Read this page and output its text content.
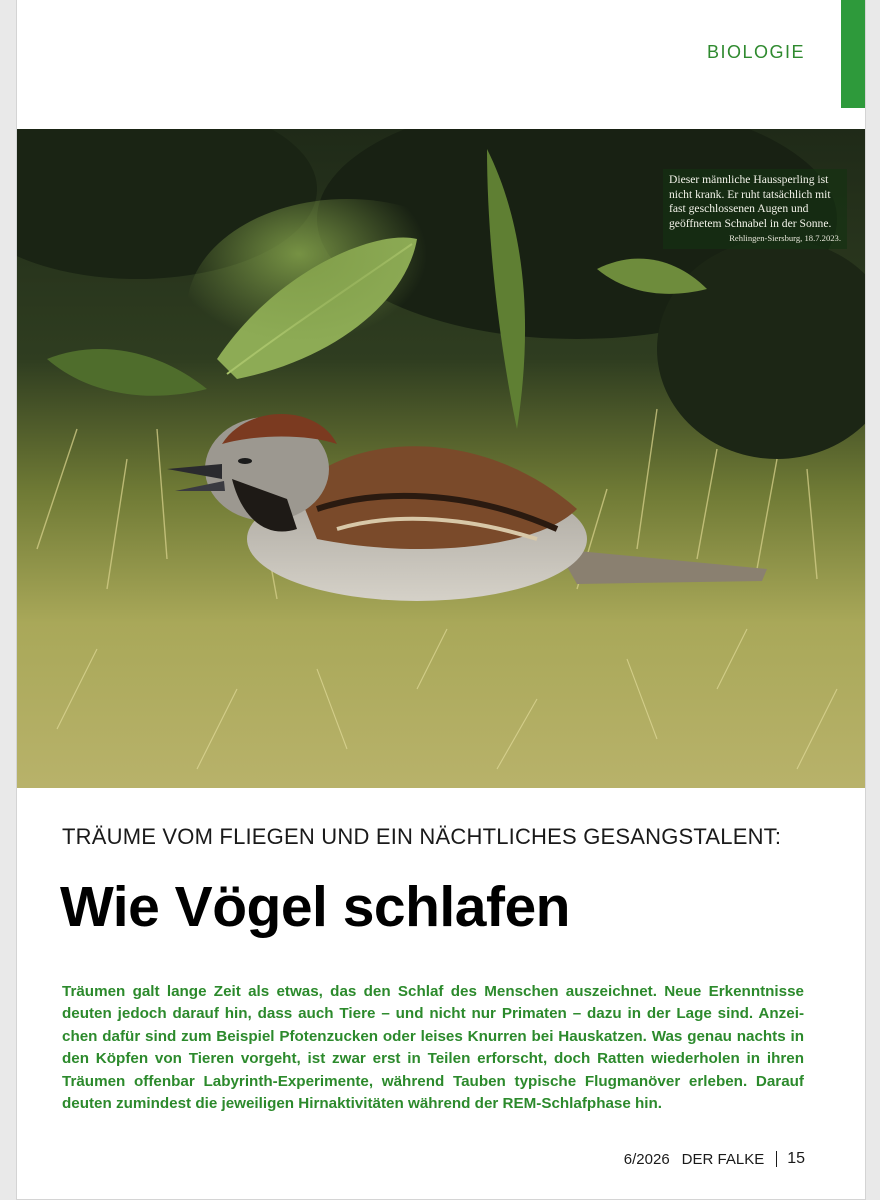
BIOLOGIE
Dieser männliche Haussperling ist nicht krank. Er ruht tatsächlich mit fast geschlossenen Augen und geöffnetem Schnabel in der Sonne.
Rehlingen-Siersburg, 18.7.2023.
TRÄUME VOM FLIEGEN UND EIN NÄCHTLICHES GESANGSTALENT:
Wie Vögel schlafen
Träumen galt lange Zeit als etwas, das den Schlaf des Menschen auszeichnet. Neue Erkenntnisse deuten jedoch darauf hin, dass auch Tiere – und nicht nur Primaten – dazu in der Lage sind. Anzeichen dafür sind zum Beispiel Pfotenzucken oder leises Knurren bei Hauskatzen. Was genau nachts in den Köpfen von Tieren vorgeht, ist zwar erst in Teilen erforscht, doch Ratten wiederholen in ihren Träumen offenbar Labyrinth-Experimente, während Tauben typische Flugmanöver erleben. Darauf deuten zumindest die jeweiligen Hirnaktivitäten während der REM-Schlafphase hin.
6/2026 DER FALKE 15
